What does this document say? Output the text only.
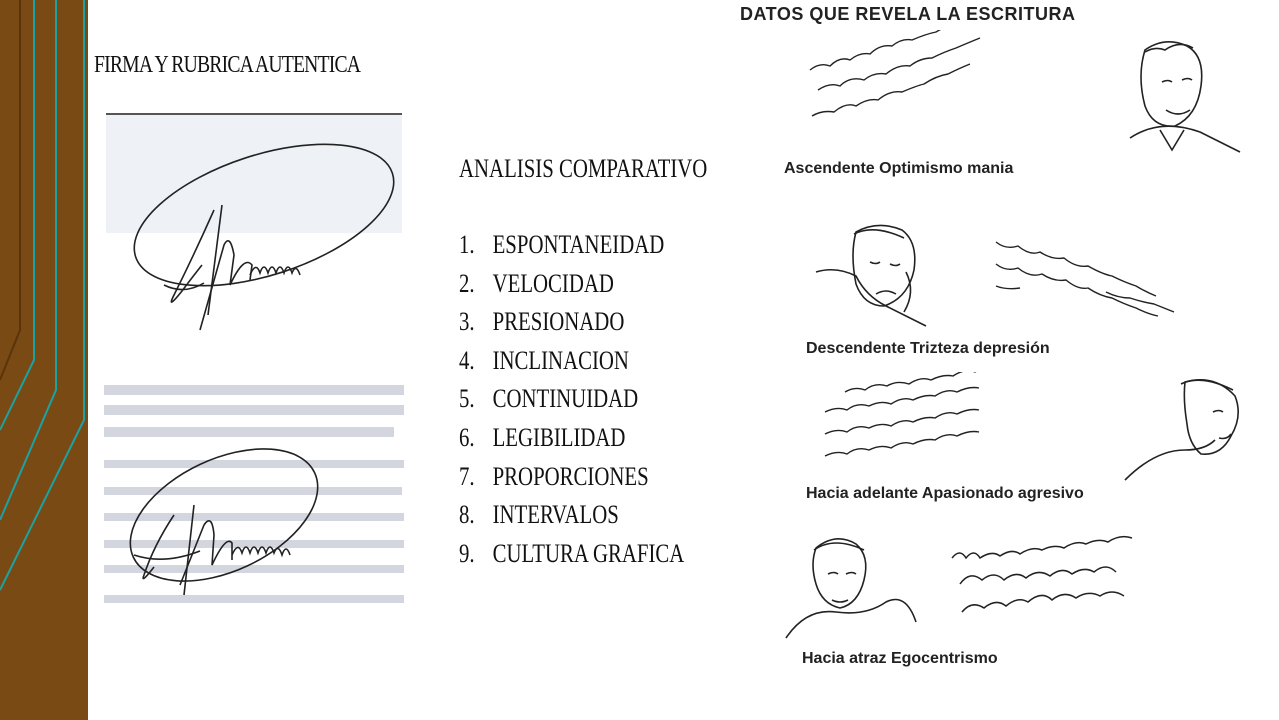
FIRMA Y RUBRICA AUTENTICA
ANALISIS COMPARATIVO
1. ESPONTANEIDAD
2. VELOCIDAD
3. PRESIONADO
4. INCLINACION
5. CONTINUIDAD
6. LEGIBILIDAD
7. PROPORCIONES
8. INTERVALOS
9. CULTURA GRAFICA
DATOS QUE REVELA LA ESCRITURA
Ascendente Optimismo mania
Descendente Trizteza depresión
Hacia adelante Apasionado agresivo
Hacia atraz Egocentrismo
